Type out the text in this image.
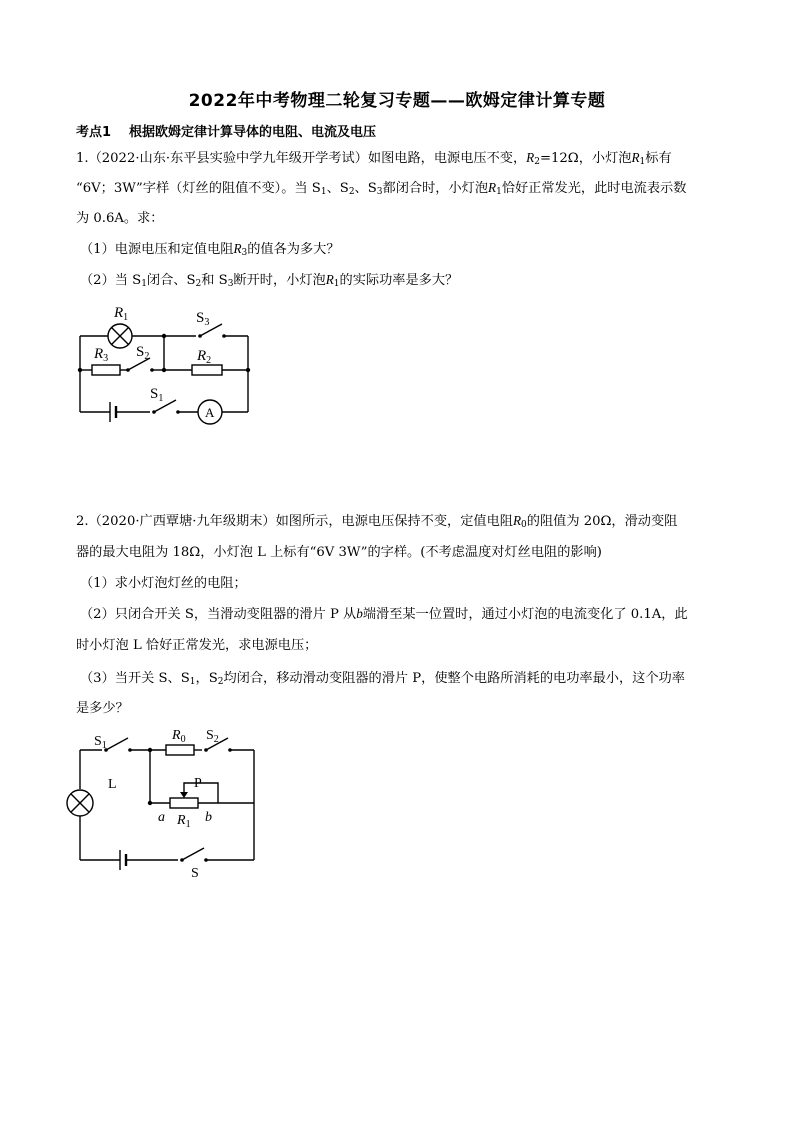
2022年中考物理二轮复习专题——欧姆定律计算专题
考点1 根据欧姆定律计算导体的电阻、电流及电压
1.（2022·山东·东平县实验中学九年级开学考试）如图电路，电源电压不变，$R_2=12\Omega$，小灯泡$R_1$标有
“6V；3W”字样（灯丝的阻值不变）。当 $S_1$、$S_2$、$S_3$都闭合时，小灯泡$R_1$恰好正常发光，此时电流表示数
为 0.6A。求：
（1）电源电压和定值电阻$R_3$的值各为多大？
（2）当 $S_1$闭合、$S_2$和 $S_3$断开时，小灯泡$R_1$的实际功率是多大？
$R_1$
$R_3$ $S_2$
$S_3$
$R_2$
$S_1$
A
2.（2020·广西覃塘·九年级期末）如图所示，电源电压保持不变，定值电阻$R_0$的阻值为 20Ω，滑动变阻
器的最大电阻为 18Ω，小灯泡 L 上标有“6V 3W”的字样。(不考虑温度对灯丝电阻的影响)
（1）求小灯泡灯丝的电阻；
（2）只闭合开关 S，当滑动变阻器的滑片 P 从b端滑至某一位置时，通过小灯泡的电流变化了 0.1A，此
时小灯泡 L 恰好正常发光，求电源电压；
（3）当开关 S、$S_1$，$S_2$均闭合，移动滑动变阻器的滑片 P，使整个电路所消耗的电功率最小，这个功率
是多少？
$S_1$
$R_0$ $S_2$
L	P
a $R_1$ b
S
